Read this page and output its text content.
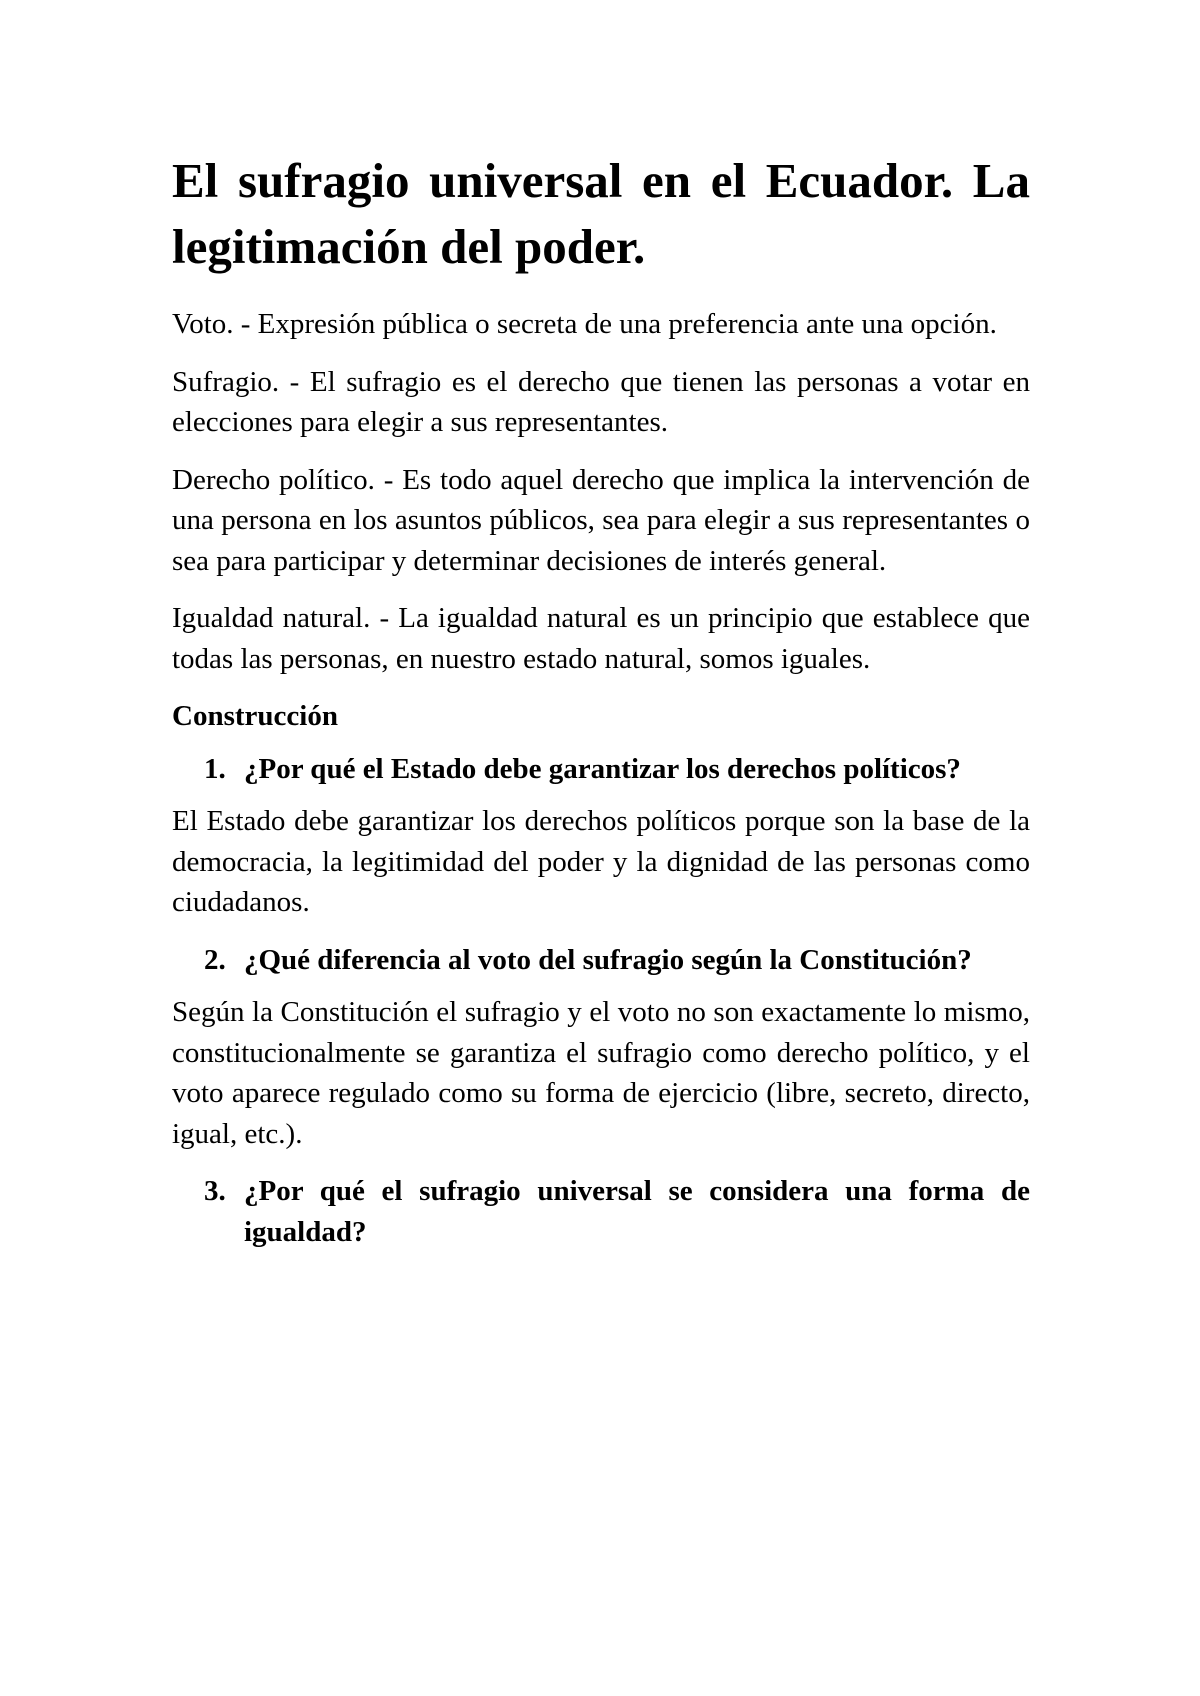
El sufragio universal en el Ecuador. La legitimación del poder.

Voto. - Expresión pública o secreta de una preferencia ante una opción.

Sufragio. - El sufragio es el derecho que tienen las personas a votar en elecciones para elegir a sus representantes.

Derecho político. - Es todo aquel derecho que implica la intervención de una persona en los asuntos públicos, sea para elegir a sus representantes o sea para participar y determinar decisiones de interés general.

Igualdad natural. - La igualdad natural es un principio que establece que todas las personas, en nuestro estado natural, somos iguales.

Construcción
1. ¿Por qué el Estado debe garantizar los derechos políticos?

El Estado debe garantizar los derechos políticos porque son la base de la democracia, la legitimidad del poder y la dignidad de las personas como ciudadanos.

2. ¿Qué diferencia al voto del sufragio según la Constitución?

Según la Constitución el sufragio y el voto no son exactamente lo mismo, constitucionalmente se garantiza el sufragio como derecho político, y el voto aparece regulado como su forma de ejercicio (libre, secreto, directo, igual, etc.).

3. ¿Por qué el sufragio universal se considera una forma de igualdad?
